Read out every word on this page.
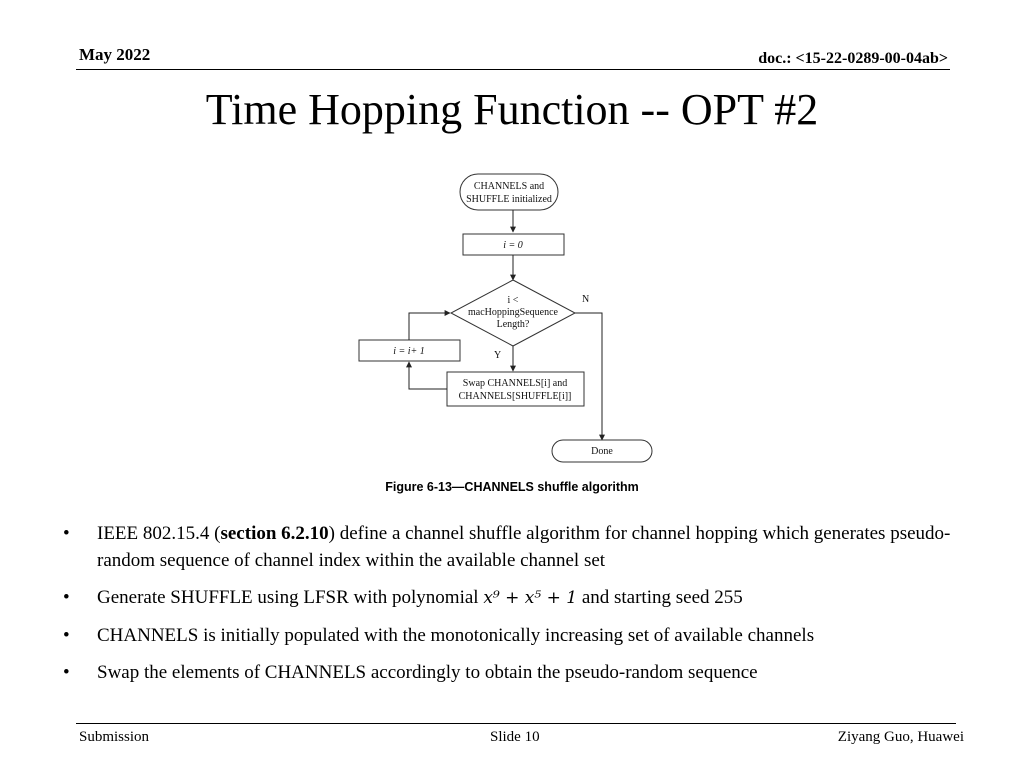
May 2022	doc.: <15-22-0289-00-04ab>
Time Hopping Function -- OPT #2
CHANNELS and
SHUFFLE initialized
i = 0
i <
macHoppingSequence
Length?
N
Y
Swap CHANNELS[i] and
CHANNELS[SHUFFLE[i]]
i = i+ 1
Done
Figure 6-13—CHANNELS shuffle algorithm
• IEEE 802.15.4 (section 6.2.10) define a channel shuffle algorithm for channel hopping which generates pseudo-random sequence of channel index within the available channel set
• Generate SHUFFLE using LFSR with polynomial x⁹ + x⁵ + 1 and starting seed 255
• CHANNELS is initially populated with the monotonically increasing set of available channels
• Swap the elements of CHANNELS accordingly to obtain the pseudo-random sequence
Submission	Slide 10	Ziyang Guo, Huawei
